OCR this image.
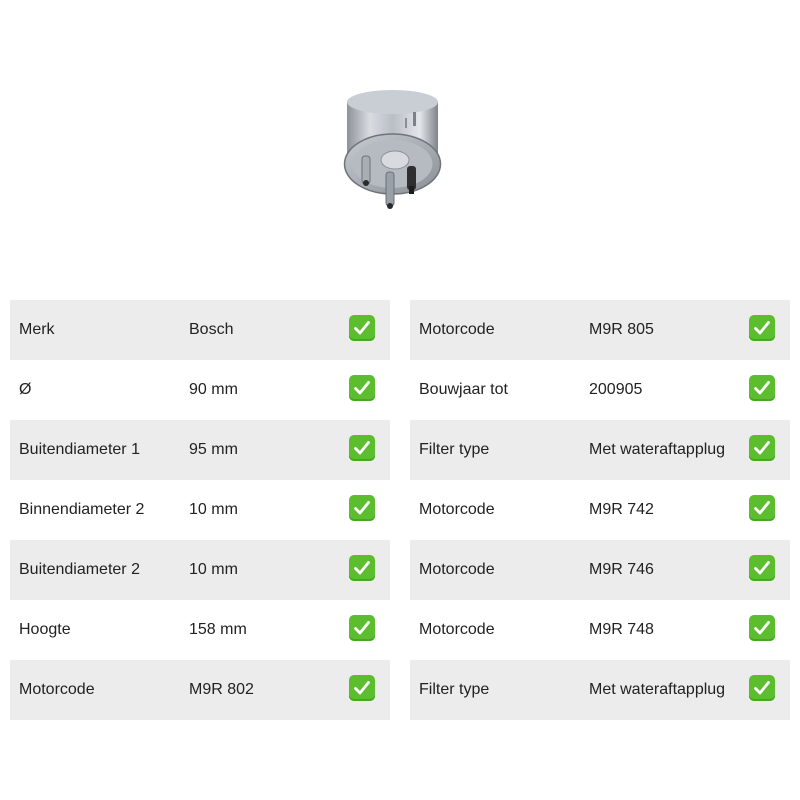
Merk	Bosch
Ø	90 mm
Buitendiameter 1	95 mm
Binnendiameter 2	10 mm
Buitendiameter 2	10 mm
Hoogte	158 mm
Motorcode	M9R 802
Motorcode	M9R 805
Bouwjaar tot	200905
Filter type	Met wateraftapplug
Motorcode	M9R 742
Motorcode	M9R 746
Motorcode	M9R 748
Filter type	Met wateraftapplug
